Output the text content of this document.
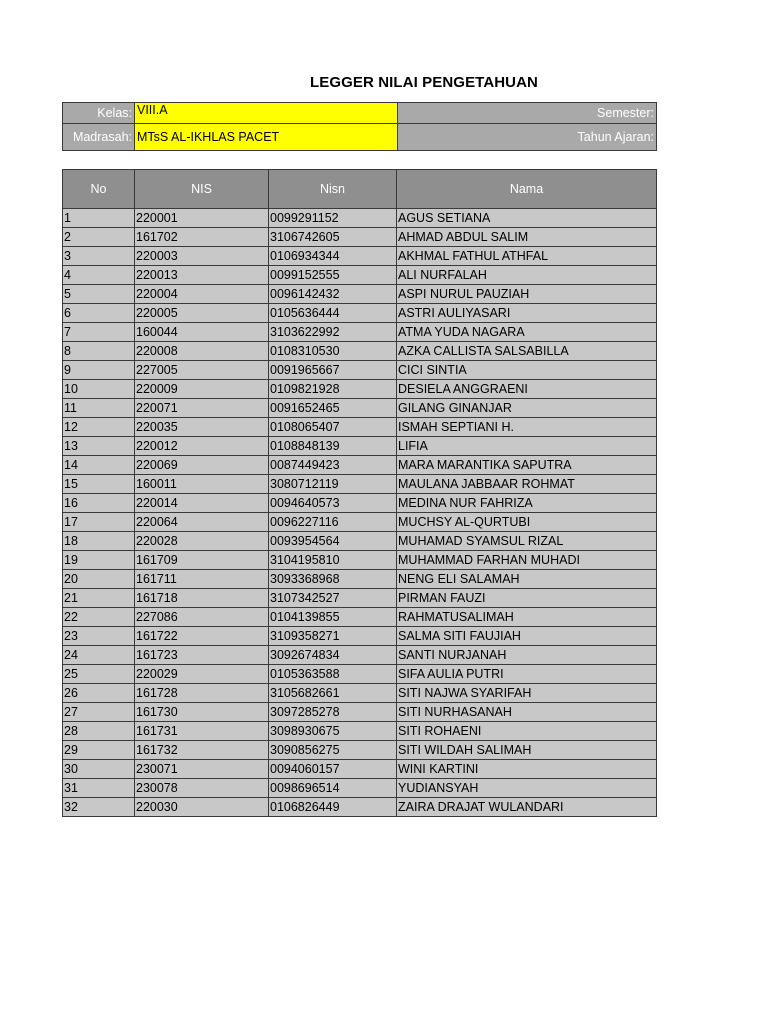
LEGGER NILAI PENGETAHUAN
Kelas:	VIII.A	Semester:
Madrasah:	MTsS AL-IKHLAS PACET	Tahun Ajaran:
No	NIS	Nisn	Nama
1	220001	0099291152	AGUS SETIANA
2	161702	3106742605	AHMAD ABDUL SALIM
3	220003	0106934344	AKHMAL FATHUL ATHFAL
4	220013	0099152555	ALI NURFALAH
5	220004	0096142432	ASPI NURUL PAUZIAH
6	220005	0105636444	ASTRI AULIYASARI
7	160044	3103622992	ATMA YUDA NAGARA
8	220008	0108310530	AZKA CALLISTA SALSABILLA
9	227005	0091965667	CICI SINTIA
10	220009	0109821928	DESIELA ANGGRAENI
11	220071	0091652465	GILANG GINANJAR
12	220035	0108065407	ISMAH SEPTIANI H.
13	220012	0108848139	LIFIA
14	220069	0087449423	MARA MARANTIKA SAPUTRA
15	160011	3080712119	MAULANA JABBAAR ROHMAT
16	220014	0094640573	MEDINA NUR FAHRIZA
17	220064	0096227116	MUCHSY AL-QURTUBI
18	220028	0093954564	MUHAMAD SYAMSUL RIZAL
19	161709	3104195810	MUHAMMAD FARHAN MUHADI
20	161711	3093368968	NENG ELI SALAMAH
21	161718	3107342527	PIRMAN FAUZI
22	227086	0104139855	RAHMATUSALIMAH
23	161722	3109358271	SALMA SITI FAUJIAH
24	161723	3092674834	SANTI NURJANAH
25	220029	0105363588	SIFA AULIA PUTRI
26	161728	3105682661	SITI NAJWA SYARIFAH
27	161730	3097285278	SITI NURHASANAH
28	161731	3098930675	SITI ROHAENI
29	161732	3090856275	SITI WILDAH SALIMAH
30	230071	0094060157	WINI KARTINI
31	230078	0098696514	YUDIANSYAH
32	220030	0106826449	ZAIRA DRAJAT WULANDARI
